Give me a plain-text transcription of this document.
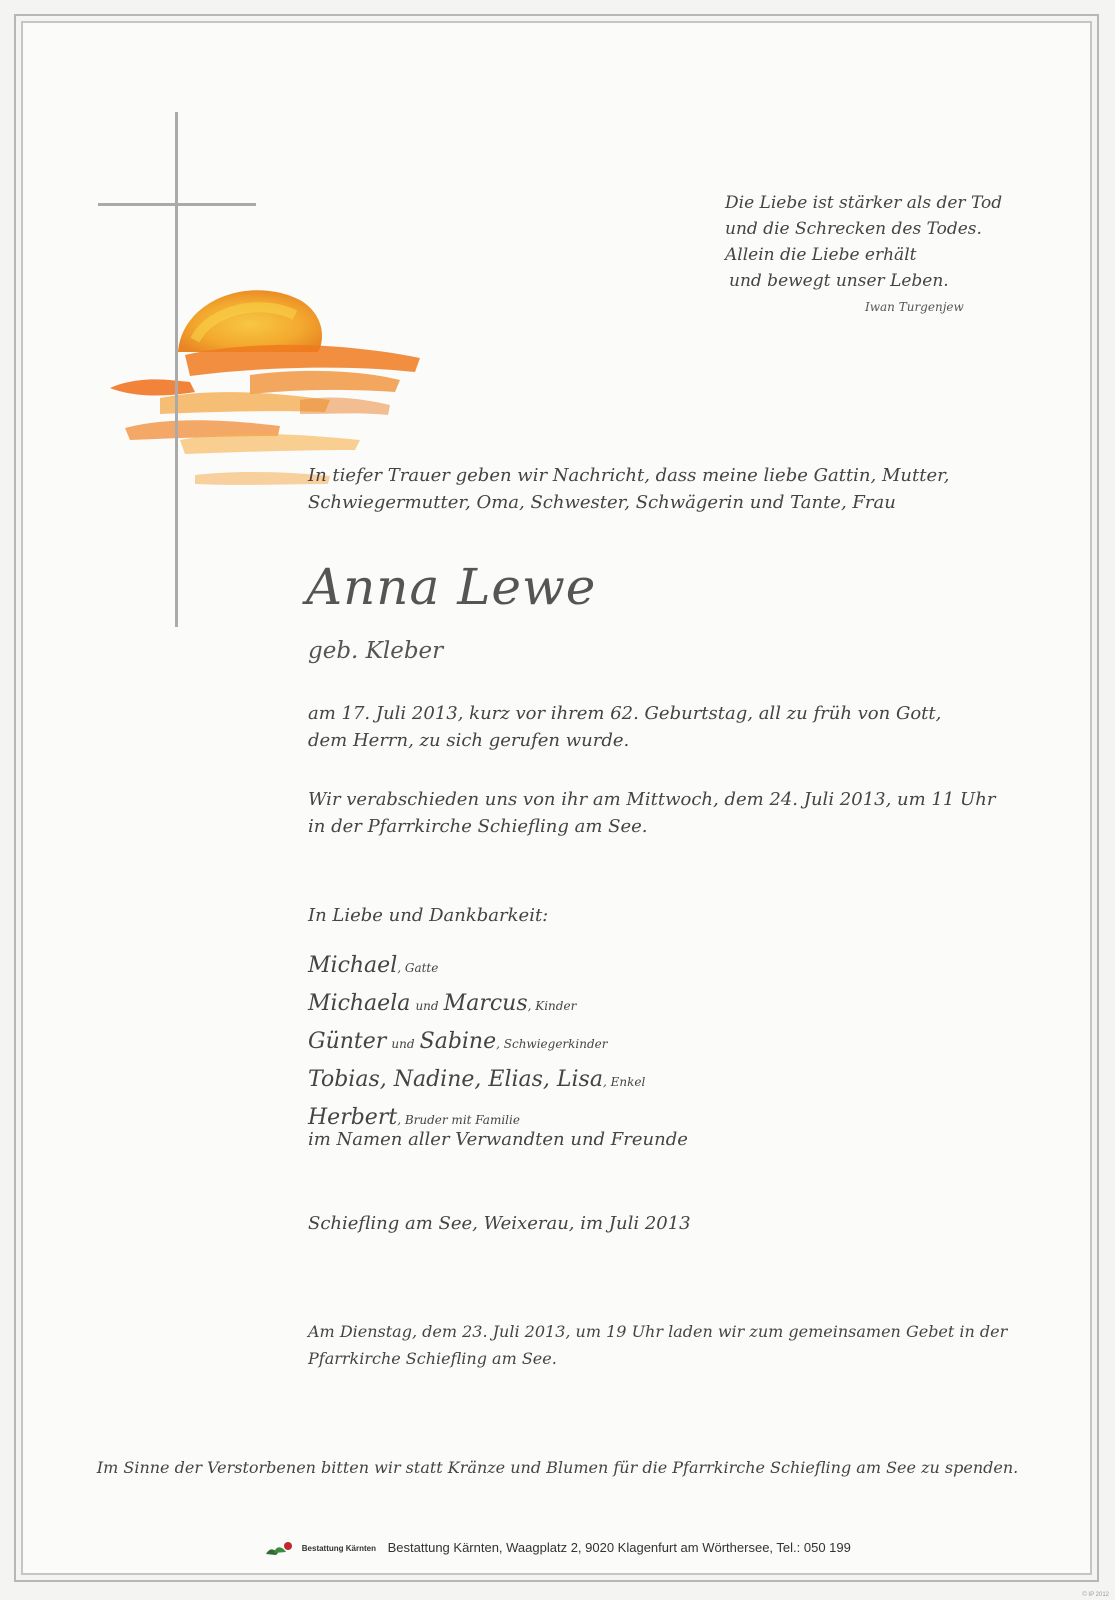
Die Liebe ist stärker als der Tod
und die Schrecken des Todes.
Allein die Liebe erhält
und bewegt unser Leben.
Iwan Turgenjew
In tiefer Trauer geben wir Nachricht, dass meine liebe Gattin, Mutter,
Schwiegermutter, Oma, Schwester, Schwägerin und Tante, Frau
Anna Lewe
geb. Kleber
am 17. Juli 2013, kurz vor ihrem 62. Geburtstag, all zu früh von Gott,
dem Herrn, zu sich gerufen wurde.
Wir verabschieden uns von ihr am Mittwoch, dem 24. Juli 2013, um 11 Uhr
in der Pfarrkirche Schiefling am See.
In Liebe und Dankbarkeit:
Michael, Gatte
Michaela und Marcus, Kinder
Günter und Sabine, Schwiegerkinder
Tobias, Nadine, Elias, Lisa, Enkel
Herbert, Bruder mit Familie
im Namen aller Verwandten und Freunde
Schiefling am See, Weixerau, im Juli 2013
Am Dienstag, dem 23. Juli 2013, um 19 Uhr laden wir zum gemeinsamen Gebet in der
Pfarrkirche Schiefling am See.
Im Sinne der Verstorbenen bitten wir statt Kränze und Blumen für die Pfarrkirche Schiefling am See zu spenden.
Bestattung Kärnten Bestattung Kärnten, Waagplatz 2, 9020 Klagenfurt am Wörthersee, Tel.: 050 199
© IP 2012
